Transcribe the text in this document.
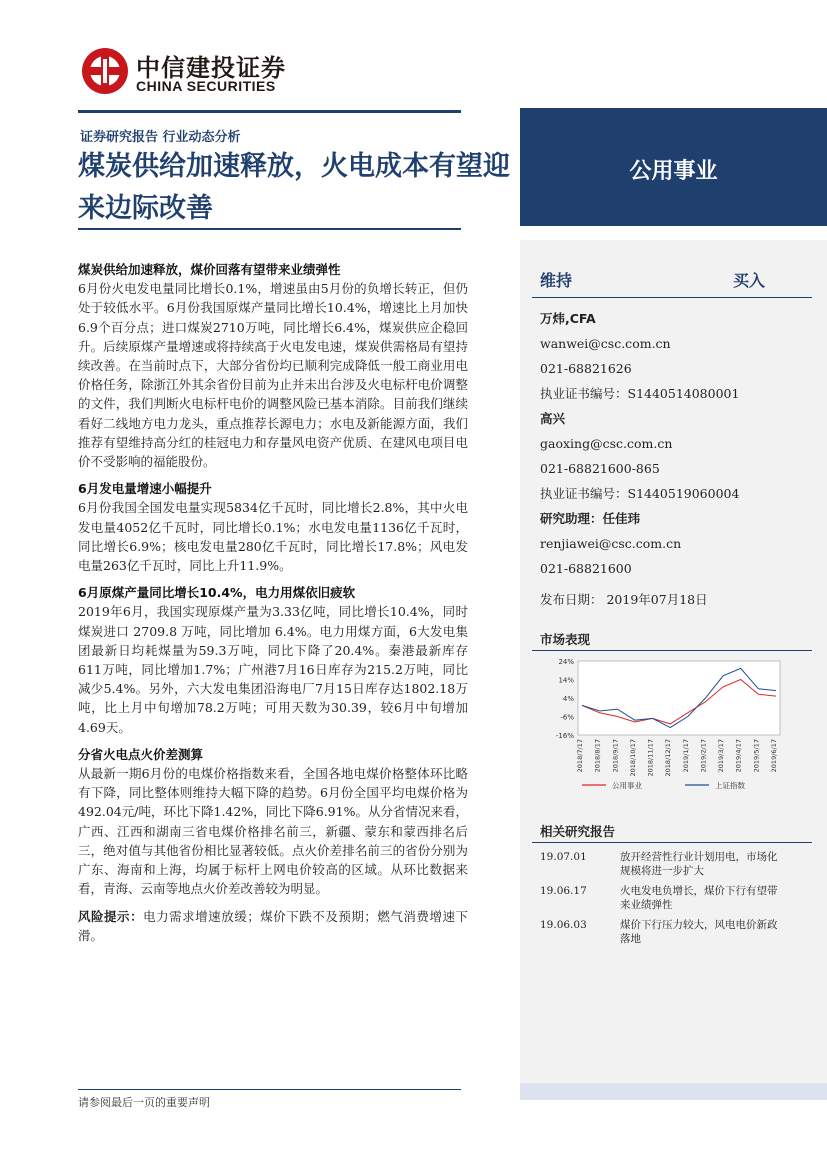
中信建投证券
CHINA SECURITIES
证券研究报告 行业动态分析
煤炭供给加速释放，火电成本有望迎来边际改善
公用事业
煤炭供给加速释放，煤价回落有望带来业绩弹性

6月份火电发电量同比增长0.1%，增速虽由5月份的负增长转正，但仍处于较低水平。6月份我国原煤产量同比增长10.4%，增速比上月加快6.9个百分点；进口煤炭2710万吨，同比增长6.4%，煤炭供应企稳回升。后续原煤产量增速或将持续高于火电发电速，煤炭供需格局有望持续改善。在当前时点下，大部分省份均已顺利完成降低一般工商业用电价格任务，除浙江外其余省份目前为止并未出台涉及火电标杆电价调整的文件，我们判断火电标杆电价的调整风险已基本消除。目前我们继续看好二线地方电力龙头，重点推荐长源电力；水电及新能源方面，我们推荐有望维持高分红的桂冠电力和存量风电资产优质、在建风电项目电价不受影响的福能股份。

6月发电量增速小幅提升

6月份我国全国发电量实现5834亿千瓦时，同比增长2.8%，其中火电发电量4052亿千瓦时，同比增长0.1%；水电发电量1136亿千瓦时，同比增长6.9%；核电发电量280亿千瓦时，同比增长17.8%；风电发电量263亿千瓦时，同比上升11.9%。

6月原煤产量同比增长10.4%，电力用煤依旧疲软

2019年6月，我国实现原煤产量为3.33亿吨，同比增长10.4%，同时煤炭进口 2709.8 万吨，同比增加 6.4%。电力用煤方面，6大发电集团最新日均耗煤量为59.3万吨，同比下降了20.4%。秦港最新库存611万吨，同比增加1.7%；广州港7月16日库存为215.2万吨，同比减少5.4%。另外，六大发电集团沿海电厂7月15日库存达1802.18万吨，比上月中旬增加78.2万吨；可用天数为30.39，较6月中旬增加4.69天。

分省火电点火价差测算

从最新一期6月份的电煤价格指数来看，全国各地电煤价格整体环比略有下降，同比整体则维持大幅下降的趋势。6月份全国平均电煤价格为492.04元/吨，环比下降1.42%，同比下降6.91%。从分省情况来看，广西、江西和湖南三省电煤价格排名前三，新疆、蒙东和蒙西排名后三，绝对值与其他省份相比显著较低。点火价差排名前三的省份分别为广东、海南和上海，均属于标杆上网电价较高的区域。从环比数据来看，青海、云南等地点火价差改善较为明显。

风险提示：电力需求增速放缓；煤价下跌不及预期；燃气消费增速下滑。

维持	买入
万炜,CFA
wanwei@csc.com.cn
021-68821626
执业证书编号：S1440514080001
高兴
gaoxing@csc.com.cn
021-68821600-865
执业证书编号：S1440519060004
研究助理：任佳玮
renjiawei@csc.com.cn
021-68821600
发布日期： 2019年07月18日
市场表现
24%
14%
4%
-6%
-16%
2018/7/17 2018/8/17 2018/9/17 2018/10/17 2018/11/17 2018/12/17 2019/1/17 2019/2/17 2019/3/17 2019/4/17 2019/5/17 2019/6/17
公用事业	上证指数
相关研究报告
19.07.01	放开经营性行业计划用电，市场化规模将进一步扩大
19.06.17	火电发电负增长，煤价下行有望带来业绩弹性
19.06.03	煤价下行压力较大，风电电价新政落地
请参阅最后一页的重要声明
